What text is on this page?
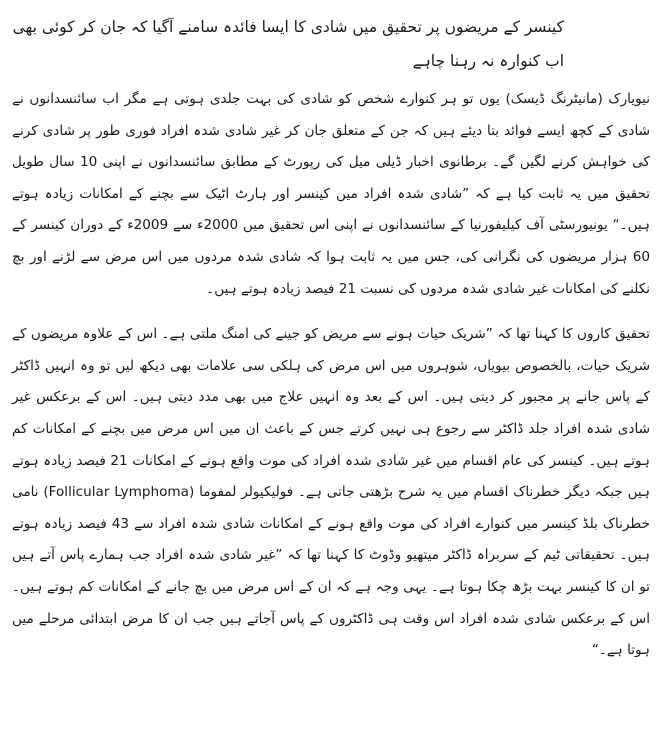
کینسر کے مریضوں پر تحقیق میں شادی کا ایسا فائدہ سامنے آگیا کہ جان کر کوئی بھی اب کنوارہ نہ رہنا چاہے

نیویارک (مانیٹرنگ ڈیسک) یوں تو ہر کنوارے شخص کو شادی کی بہت جلدی ہوتی ہے مگر اب سائنسدانوں نے شادی کے کچھ ایسے فوائد بتا دیئے ہیں کہ جن کے متعلق جان کر غیر شادی شدہ افراد فوری طور پر شادی کرنے کی خواہش کرنے لگیں گے۔ برطانوی اخبار ڈیلی میل کی رپورٹ کے مطابق سائنسدانوں نے اپنی 10 سال طویل تحقیق میں یہ ثابت کیا ہے کہ ”شادی شدہ افراد میں کینسر اور ہارٹ اٹیک سے بچنے کے امکانات زیادہ ہوتے ہیں۔“ یونیورسٹی آف کیلیفورنیا کے سائنسدانوں نے اپنی اس تحقیق میں 2000ء سے 2009ء کے دوران کینسر کے 60 ہزار مریضوں کی نگرانی کی، جس میں یہ ثابت ہوا کہ شادی شدہ مردوں میں اس مرض سے لڑنے اور بچ نکلنے کی امکانات غیر شادی شدہ مردوں کی نسبت 21 فیصد زیادہ ہوتے ہیں۔

تحقیق کاروں کا کہنا تھا کہ ”شریک حیات ہونے سے مریض کو جینے کی امنگ ملتی ہے۔ اس کے علاوہ مریضوں کے شریک حیات، بالخصوص بیویاں، شوہروں میں اس مرض کی ہلکی سی علامات بھی دیکھ لیں تو وہ انہیں ڈاکٹر کے پاس جانے پر مجبور کر دیتی ہیں۔ اس کے بعد وہ انہیں علاج میں بھی مدد دیتی ہیں۔ اس کے برعکس غیر شادی شدہ افراد جلد ڈاکٹر سے رجوع ہی نہیں کرتے جس کے باعث ان میں اس مرض میں بچنے کے امکانات کم ہوتے ہیں۔ کینسر کی عام اقسام میں غیر شادی شدہ افراد کی موت واقع ہونے کے امکانات 21 فیصد زیادہ ہوتے ہیں جبکہ دیگر خطرناک اقسام میں یہ شرح بڑھتی جاتی ہے۔ فولیکیولر لمفوما (Follicular Lymphoma) نامی خطرناک بلڈ کینسر میں کنوارے افراد کی موت واقع ہونے کے امکانات شادی شدہ افراد سے 43 فیصد زیادہ ہوتے ہیں۔ تحقیقاتی ٹیم کے سربراہ ڈاکٹر میتھیو وڈوٹ کا کہنا تھا کہ ”غیر شادی شدہ افراد جب ہمارے پاس آتے ہیں تو ان کا کینسر بہت بڑھ چکا ہوتا ہے۔ یہی وجہ ہے کہ ان کے اس مرض میں بچ جانے کے امکانات کم ہوتے ہیں۔ اس کے برعکس شادی شدہ افراد اس وقت ہی ڈاکٹروں کے پاس آجاتے ہیں جب ان کا مرض ابتدائی مرحلے میں ہوتا ہے۔“
